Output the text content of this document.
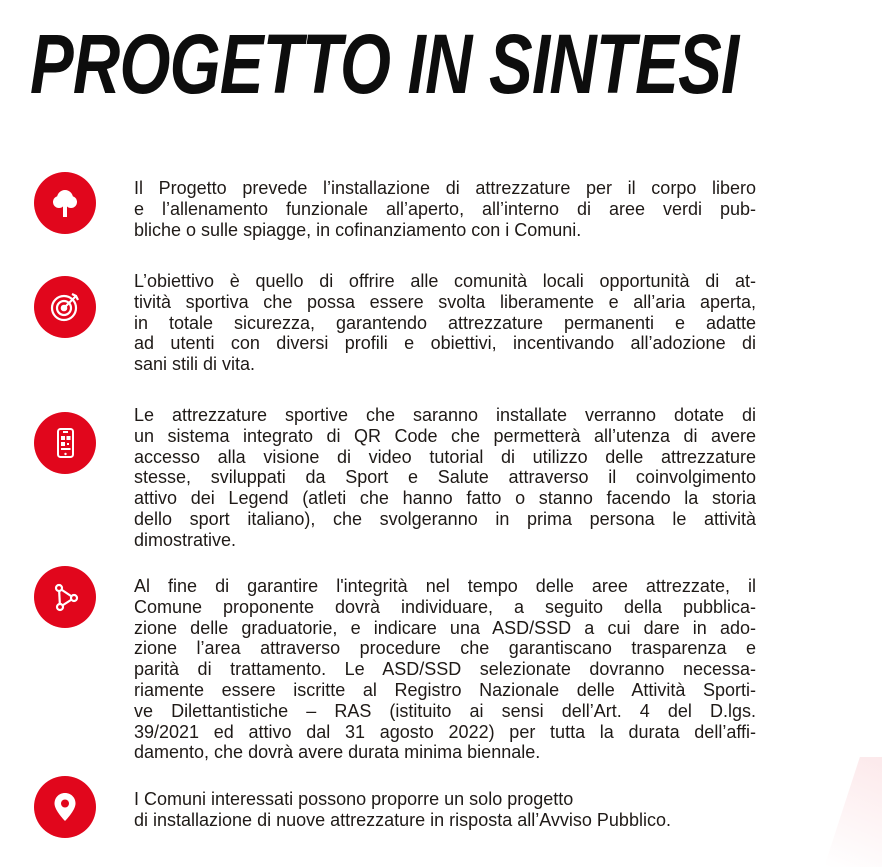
PROGETTO IN SINTESI

Il Progetto prevede l’installazione di attrezzature per il corpo libero
e l’allenamento funzionale all’aperto, all’interno di aree verdi pub-
bliche o sulle spiagge, in cofinanziamento con i Comuni.

L’obiettivo è quello di offrire alle comunità locali opportunità di at-
tività sportiva che possa essere svolta liberamente e all’aria aperta,
in totale sicurezza, garantendo attrezzature permanenti e adatte
ad utenti con diversi profili e obiettivi, incentivando all’adozione di
sani stili di vita.

Le attrezzature sportive che saranno installate verranno dotate di
un sistema integrato di QR Code che permetterà all’utenza di avere
accesso alla visione di video tutorial di utilizzo delle attrezzature
stesse, sviluppati da Sport e Salute attraverso il coinvolgimento
attivo dei Legend (atleti che hanno fatto o stanno facendo la storia
dello sport italiano), che svolgeranno in prima persona le attività
dimostrative.

Al fine di garantire l'integrità nel tempo delle aree attrezzate, il
Comune proponente dovrà individuare, a seguito della pubblica-
zione delle graduatorie, e indicare una ASD/SSD a cui dare in ado-
zione l’area attraverso procedure che garantiscano trasparenza e
parità di trattamento. Le ASD/SSD selezionate dovranno necessa-
riamente essere iscritte al Registro Nazionale delle Attività Sporti-
ve Dilettantistiche – RAS (istituito ai sensi dell’Art. 4 del D.lgs.
39/2021 ed attivo dal 31 agosto 2022) per tutta la durata dell’affi-
damento, che dovrà avere durata minima biennale.

I Comuni interessati possono proporre un solo progetto
di installazione di nuove attrezzature in risposta all’Avviso Pubblico.
